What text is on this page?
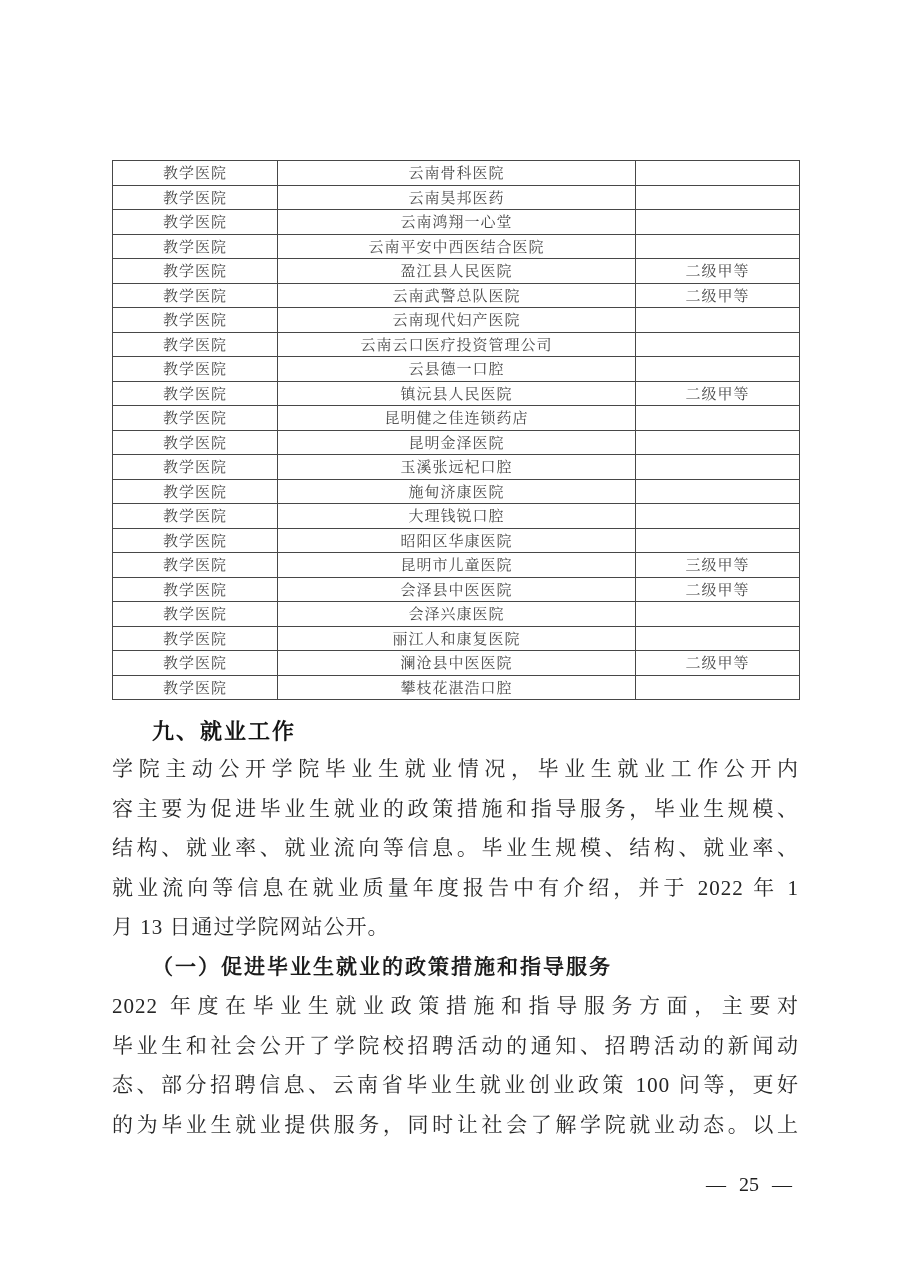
教学医院	云南骨科医院	
教学医院	云南昊邦医药	
教学医院	云南鸿翔一心堂	
教学医院	云南平安中西医结合医院	
教学医院	盈江县人民医院	二级甲等
教学医院	云南武警总队医院	二级甲等
教学医院	云南现代妇产医院	
教学医院	云南云口医疗投资管理公司	
教学医院	云县德一口腔	
教学医院	镇沅县人民医院	二级甲等
教学医院	昆明健之佳连锁药店	
教学医院	昆明金泽医院	
教学医院	玉溪张远杞口腔	
教学医院	施甸济康医院	
教学医院	大理钱锐口腔	
教学医院	昭阳区华康医院	
教学医院	昆明市儿童医院	三级甲等
教学医院	会泽县中医医院	二级甲等
教学医院	会泽兴康医院	
教学医院	丽江人和康复医院	
教学医院	澜沧县中医医院	二级甲等
教学医院	攀枝花湛浩口腔	
九、就业工作
学院主动公开学院毕业生就业情况，毕业生就业工作公开内
容主要为促进毕业生就业的政策措施和指导服务，毕业生规模、
结构、就业率、就业流向等信息。毕业生规模、结构、就业率、
就业流向等信息在就业质量年度报告中有介绍，并于 2022 年 1
月 13 日通过学院网站公开。
（一）促进毕业生就业的政策措施和指导服务
2022 年度在毕业生就业政策措施和指导服务方面，主要对
毕业生和社会公开了学院校招聘活动的通知、招聘活动的新闻动
态、部分招聘信息、云南省毕业生就业创业政策 100 问等，更好
的为毕业生就业提供服务，同时让社会了解学院就业动态。以上
— 25 —
